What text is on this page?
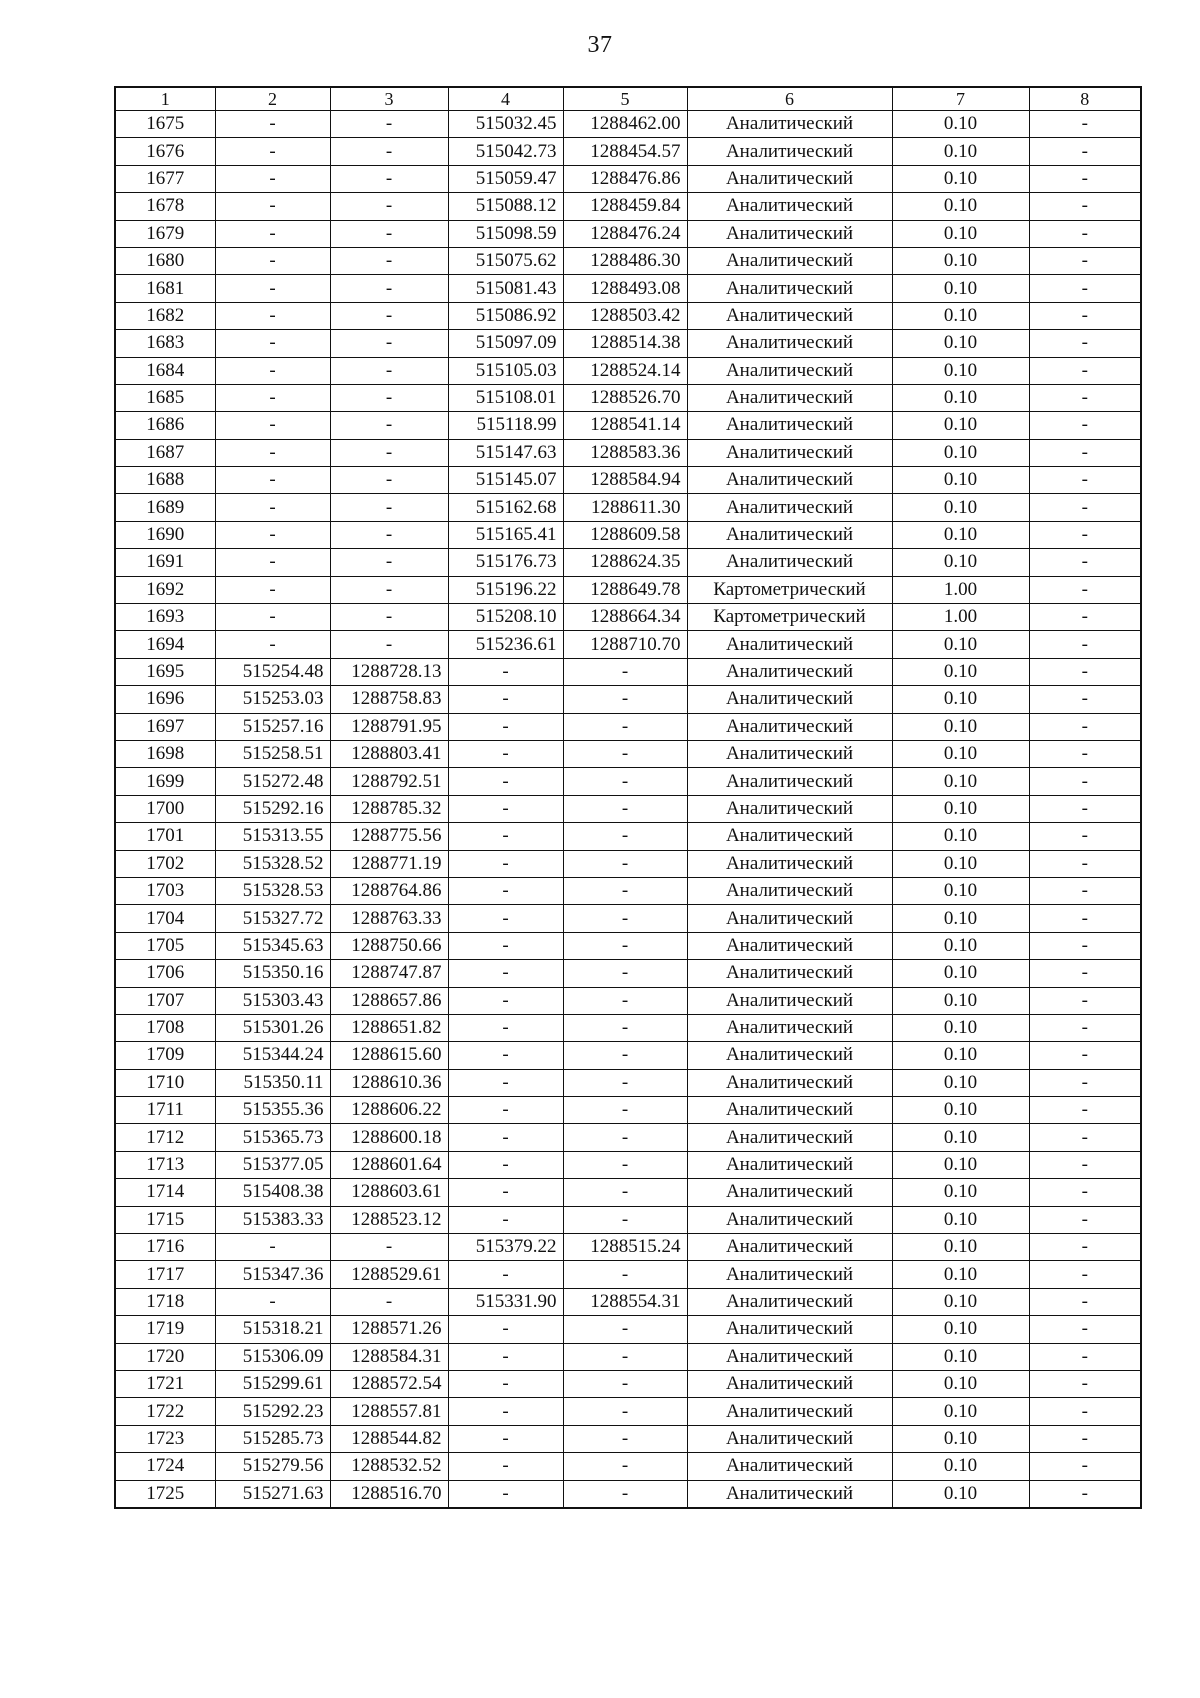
37
1	2	3	4	5	6	7	8
1675	-	-	515032.45	1288462.00	Аналитический	0.10	-
1676	-	-	515042.73	1288454.57	Аналитический	0.10	-
1677	-	-	515059.47	1288476.86	Аналитический	0.10	-
1678	-	-	515088.12	1288459.84	Аналитический	0.10	-
1679	-	-	515098.59	1288476.24	Аналитический	0.10	-
1680	-	-	515075.62	1288486.30	Аналитический	0.10	-
1681	-	-	515081.43	1288493.08	Аналитический	0.10	-
1682	-	-	515086.92	1288503.42	Аналитический	0.10	-
1683	-	-	515097.09	1288514.38	Аналитический	0.10	-
1684	-	-	515105.03	1288524.14	Аналитический	0.10	-
1685	-	-	515108.01	1288526.70	Аналитический	0.10	-
1686	-	-	515118.99	1288541.14	Аналитический	0.10	-
1687	-	-	515147.63	1288583.36	Аналитический	0.10	-
1688	-	-	515145.07	1288584.94	Аналитический	0.10	-
1689	-	-	515162.68	1288611.30	Аналитический	0.10	-
1690	-	-	515165.41	1288609.58	Аналитический	0.10	-
1691	-	-	515176.73	1288624.35	Аналитический	0.10	-
1692	-	-	515196.22	1288649.78	Картометрический	1.00	-
1693	-	-	515208.10	1288664.34	Картометрический	1.00	-
1694	-	-	515236.61	1288710.70	Аналитический	0.10	-
1695	515254.48	1288728.13	-	-	Аналитический	0.10	-
1696	515253.03	1288758.83	-	-	Аналитический	0.10	-
1697	515257.16	1288791.95	-	-	Аналитический	0.10	-
1698	515258.51	1288803.41	-	-	Аналитический	0.10	-
1699	515272.48	1288792.51	-	-	Аналитический	0.10	-
1700	515292.16	1288785.32	-	-	Аналитический	0.10	-
1701	515313.55	1288775.56	-	-	Аналитический	0.10	-
1702	515328.52	1288771.19	-	-	Аналитический	0.10	-
1703	515328.53	1288764.86	-	-	Аналитический	0.10	-
1704	515327.72	1288763.33	-	-	Аналитический	0.10	-
1705	515345.63	1288750.66	-	-	Аналитический	0.10	-
1706	515350.16	1288747.87	-	-	Аналитический	0.10	-
1707	515303.43	1288657.86	-	-	Аналитический	0.10	-
1708	515301.26	1288651.82	-	-	Аналитический	0.10	-
1709	515344.24	1288615.60	-	-	Аналитический	0.10	-
1710	515350.11	1288610.36	-	-	Аналитический	0.10	-
1711	515355.36	1288606.22	-	-	Аналитический	0.10	-
1712	515365.73	1288600.18	-	-	Аналитический	0.10	-
1713	515377.05	1288601.64	-	-	Аналитический	0.10	-
1714	515408.38	1288603.61	-	-	Аналитический	0.10	-
1715	515383.33	1288523.12	-	-	Аналитический	0.10	-
1716	-	-	515379.22	1288515.24	Аналитический	0.10	-
1717	515347.36	1288529.61	-	-	Аналитический	0.10	-
1718	-	-	515331.90	1288554.31	Аналитический	0.10	-
1719	515318.21	1288571.26	-	-	Аналитический	0.10	-
1720	515306.09	1288584.31	-	-	Аналитический	0.10	-
1721	515299.61	1288572.54	-	-	Аналитический	0.10	-
1722	515292.23	1288557.81	-	-	Аналитический	0.10	-
1723	515285.73	1288544.82	-	-	Аналитический	0.10	-
1724	515279.56	1288532.52	-	-	Аналитический	0.10	-
1725	515271.63	1288516.70	-	-	Аналитический	0.10	-
